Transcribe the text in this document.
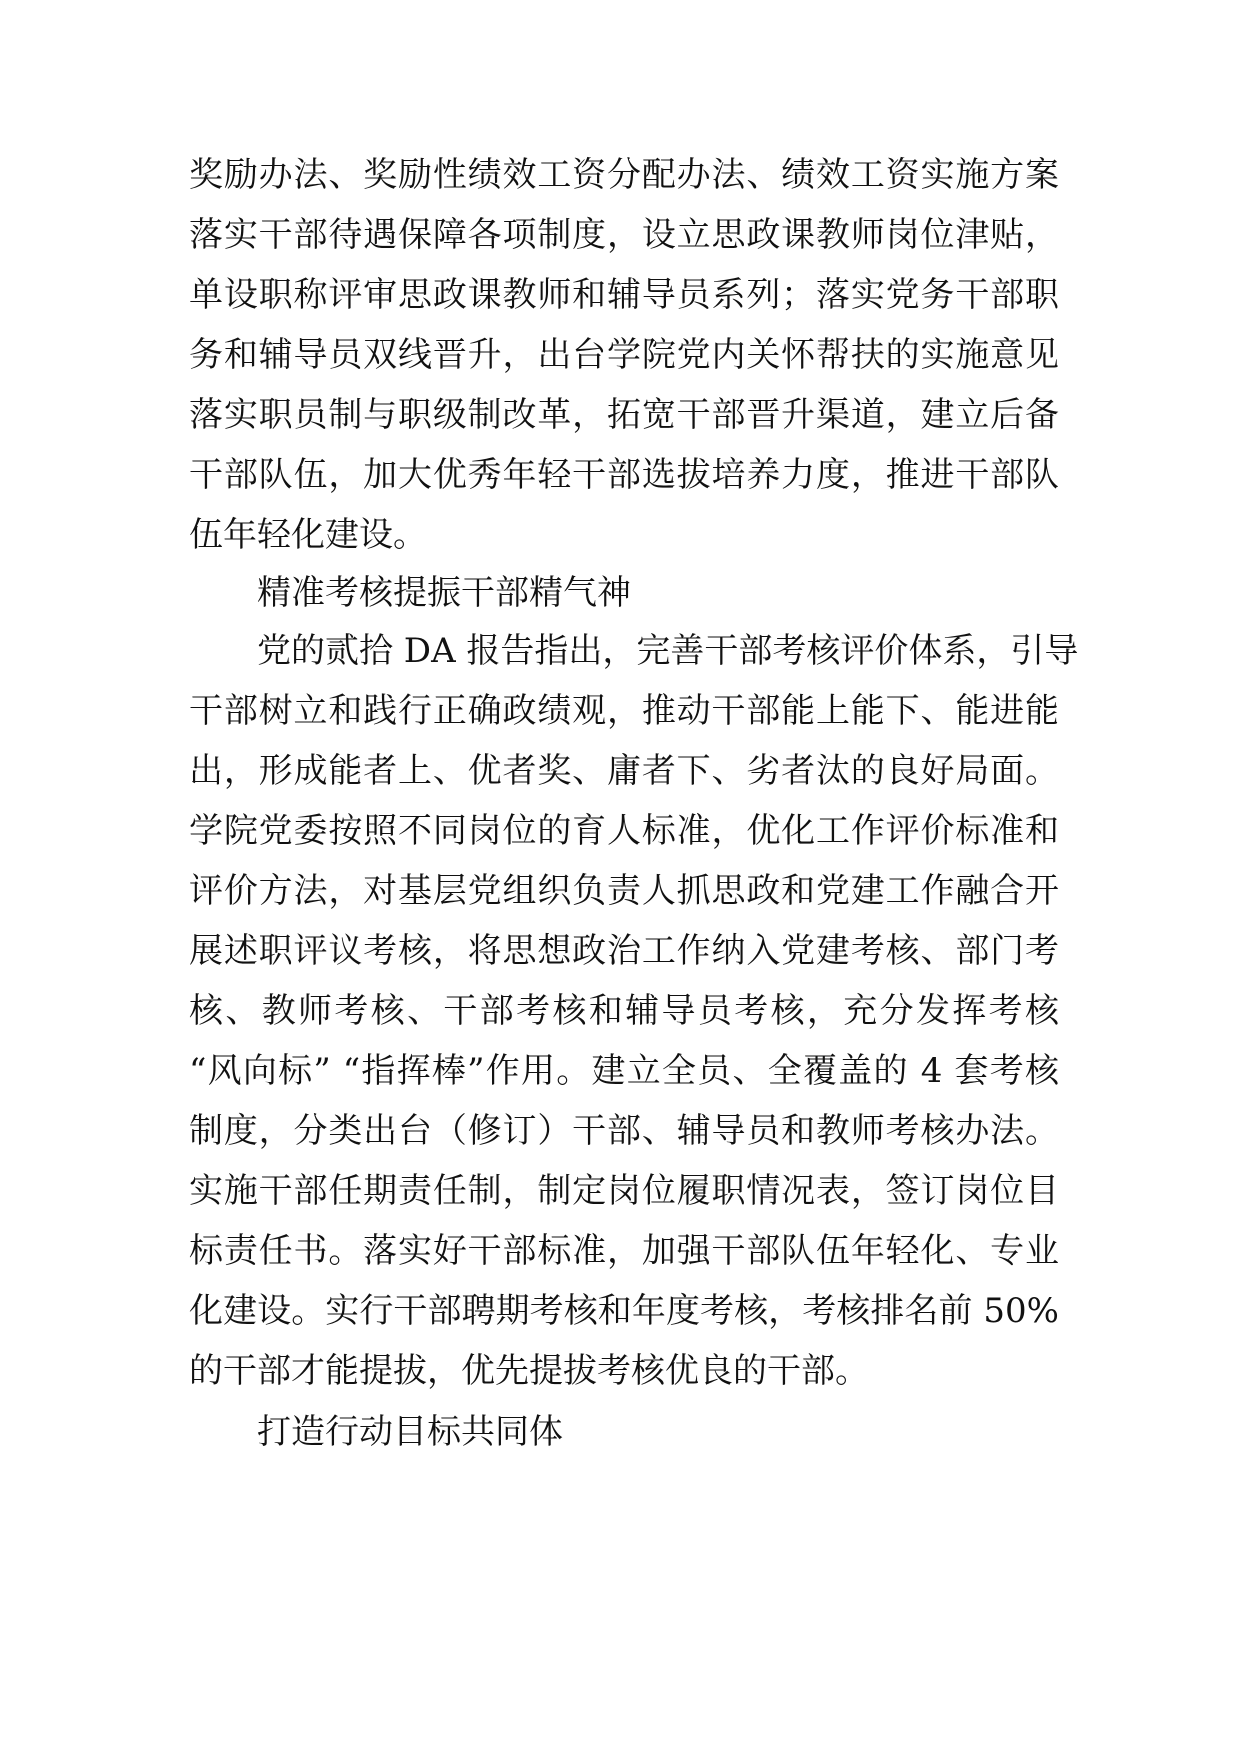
奖励办法、奖励性绩效工资分配办法、绩效工资实施方案
落实干部待遇保障各项制度，设立思政课教师岗位津贴，
单设职称评审思政课教师和辅导员系列；落实党务干部职
务和辅导员双线晋升，出台学院党内关怀帮扶的实施意见
落实职员制与职级制改革，拓宽干部晋升渠道，建立后备
干部队伍，加大优秀年轻干部选拔培养力度，推进干部队
伍年轻化建设。
精准考核提振干部精气神
党的贰拾 DA 报告指出，完善干部考核评价体系，引导
干部树立和践行正确政绩观，推动干部能上能下、能进能
出，形成能者上、优者奖、庸者下、劣者汰的良好局面。
学院党委按照不同岗位的育人标准，优化工作评价标准和
评价方法，对基层党组织负责人抓思政和党建工作融合开
展述职评议考核，将思想政治工作纳入党建考核、部门考
核、教师考核、干部考核和辅导员考核，充分发挥考核
“风向标” “指挥棒”作用。建立全员、全覆盖的 4 套考核
制度，分类出台（修订）干部、辅导员和教师考核办法。
实施干部任期责任制，制定岗位履职情况表，签订岗位目
标责任书。落实好干部标准，加强干部队伍年轻化、专业
化建设。实行干部聘期考核和年度考核，考核排名前 50%
的干部才能提拔，优先提拔考核优良的干部。
打造行动目标共同体
